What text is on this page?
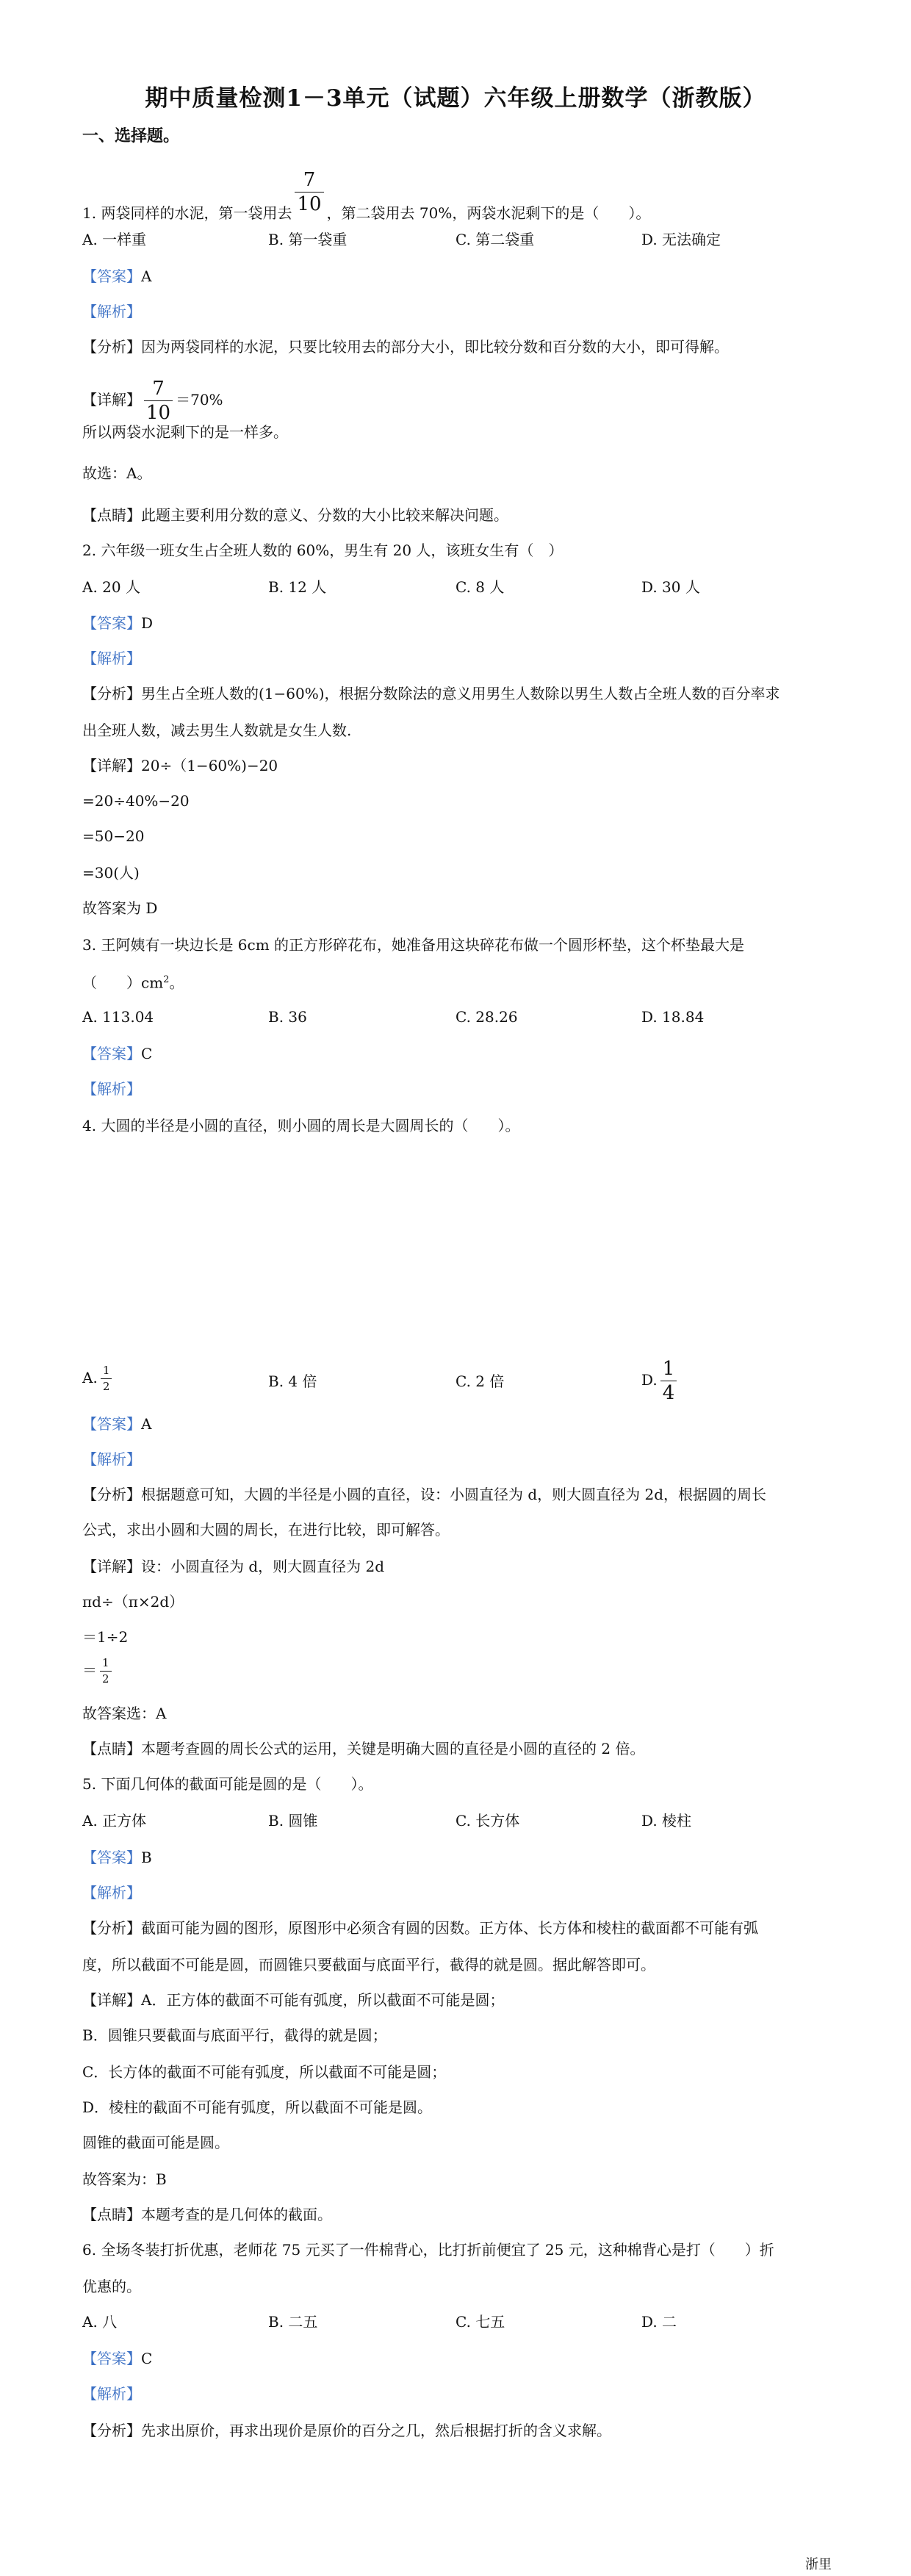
期中质量检测1－3单元（试题）六年级上册数学（浙教版）
一、选择题。
1. 两袋同样的水泥，第一袋用去 $\frac{7}{10}$ ，第二袋用去 70%，两袋水泥剩下的是（　　）。
A. 一样重	B. 第一袋重	C. 第二袋重	D. 无法确定
【答案】A
【解析】
【分析】因为两袋同样的水泥，只要比较用去的部分大小，即比较分数和百分数的大小，即可得解。
【详解】 $\frac{7}{10} =70\%$
所以两袋水泥剩下的是一样多。
故选：A。
【点睛】此题主要利用分数的意义、分数的大小比较来解决问题。
2. 六年级一班女生占全班人数的 60%，男生有 20 人，该班女生有（　）
A. 20 人	B. 12 人	C. 8 人	D. 30 人
【答案】D
【解析】
【分析】男生占全班人数的(1−60%)，根据分数除法的意义用男生人数除以男生人数占全班人数的百分率求
出全班人数，减去男生人数就是女生人数.
【详解】20÷（1−60%)−20
=20÷40%−20
=50−20
=30(人)
故答案为 D
3. 王阿姨有一块边长是 6cm 的正方形碎花布，她准备用这块碎花布做一个圆形杯垫，这个杯垫最大是
（　　）$cm^2$。
A. 113.04	B. 36	C. 28.26	D. 18.84
【答案】C
【解析】
4. 大圆的半径是小圆的直径，则小圆的周长是大圆周长的（　　）。
A. $\frac{1}{2}$	B. 4 倍	C. 2 倍	D. $\frac{1}{4}$
【答案】A
【解析】
【分析】根据题意可知，大圆的半径是小圆的直径，设：小圆直径为 d，则大圆直径为 2d，根据圆的周长
公式，求出小圆和大圆的周长，在进行比较，即可解答。
【详解】设：小圆直径为 d，则大圆直径为 2d
πd÷（π×2d）
＝1÷2
＝ $\frac{1}{2}$
故答案选：A
【点睛】本题考查圆的周长公式的运用，关键是明确大圆的直径是小圆的直径的 2 倍。
5. 下面几何体的截面可能是圆的是（　　）。
A. 正方体	B. 圆锥	C. 长方体	D. 棱柱
【答案】B
【解析】
【分析】截面可能为圆的图形，原图形中必须含有圆的因数。正方体、长方体和棱柱的截面都不可能有弧
度，所以截面不可能是圆，而圆锥只要截面与底面平行，截得的就是圆。据此解答即可。
【详解】A．正方体的截面不可能有弧度，所以截面不可能是圆；
B．圆锥只要截面与底面平行，截得的就是圆；
C．长方体的截面不可能有弧度，所以截面不可能是圆；
D．棱柱的截面不可能有弧度，所以截面不可能是圆。
圆锥的截面可能是圆。
故答案为：B
【点睛】本题考查的是几何体的截面。
6. 全场冬装打折优惠，老师花 75 元买了一件棉背心，比打折前便宜了 25 元，这种棉背心是打（　　）折
优惠的。
A. 八	B. 二五	C. 七五	D. 二
【答案】C
【解析】
【分析】先求出原价，再求出现价是原价的百分之几，然后根据打折的含义求解。
浙里
